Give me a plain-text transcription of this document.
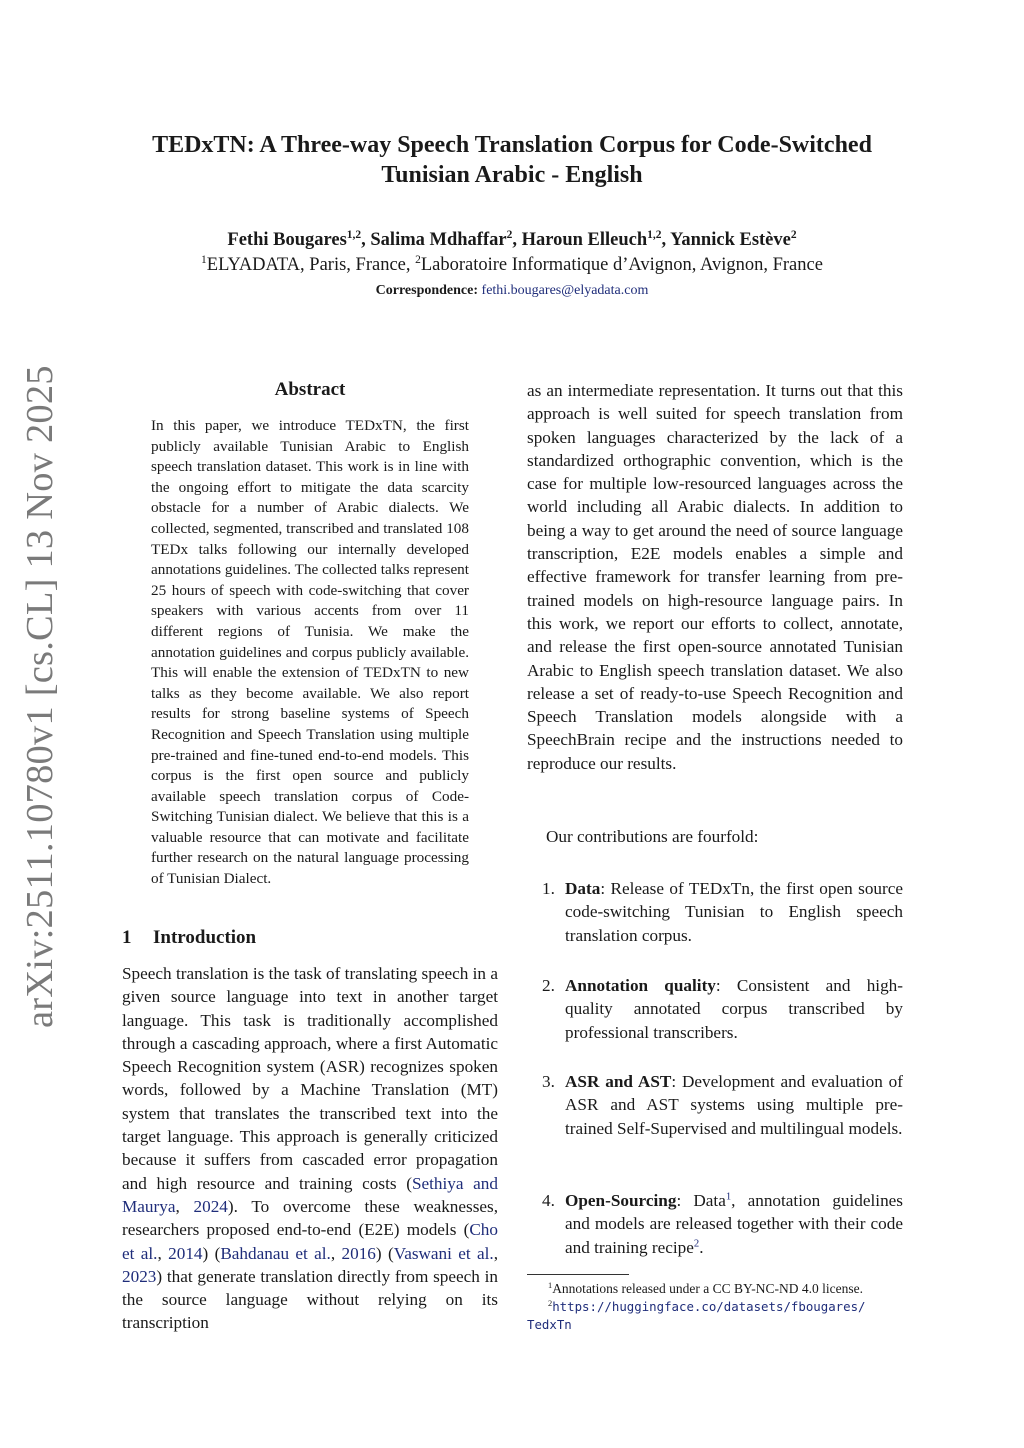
TEDxTN: A Three-way Speech Translation Corpus for Code-Switched
Tunisian Arabic - English
Fethi Bougares$^{1,2}$, Salima Mdhaffar$^2$, Haroun Elleuch$^{1,2}$, Yannick Estève$^2$
$^1$ELYADATA, Paris, France, $^2$Laboratoire Informatique d’Avignon, Avignon, France
Correspondence: fethi.bougares@elyadata.com
arXiv:2511.10780v1 [cs.CL] 13 Nov 2025	Abstract
In this paper, we introduce TEDxTN, the first publicly available Tunisian Arabic to English speech translation dataset. This work is in line with the ongoing effort to mitigate the data scarcity obstacle for a number of Arabic dialects. We collected, segmented, transcribed and translated 108 TEDx talks following our internally developed annotations guidelines. The collected talks represent 25 hours of speech with code-switching that cover speakers with various accents from over 11 different regions of Tunisia. We make the annotation guidelines and corpus publicly available. This will enable the extension of TEDxTN to new talks as they become available. We also report results for strong baseline systems of Speech Recognition and Speech Translation using multiple pre-trained and fine-tuned end-to-end models. This corpus is the first open source and publicly available speech translation corpus of Code-Switching Tunisian dialect. We believe that this is a valuable resource that can motivate and facilitate further research on the natural language processing of Tunisian Dialect.
1 Introduction
Speech translation is the task of translating speech in a given source language into text in another target language. This task is traditionally accomplished through a cascading approach, where a first Automatic Speech Recognition system (ASR) recognizes spoken words, followed by a Machine Translation (MT) system that translates the transcribed text into the target language. This approach is generally criticized because it suffers from cascaded error propagation and high resource and training costs (Sethiya and Maurya, 2024). To overcome these weaknesses, researchers proposed end-to-end (E2E) models (Cho et al., 2014) (Bahdanau et al., 2016) (Vaswani et al., 2023) that generate translation directly from speech in the source language without relying on its transcription
as an intermediate representation. It turns out that this approach is well suited for speech translation from spoken languages characterized by the lack of a standardized orthographic convention, which is the case for multiple low-resourced languages across the world including all Arabic dialects. In addition to being a way to get around the need of source language transcription, E2E models enables a simple and effective framework for transfer learning from pre-trained models on high-resource language pairs. In this work, we report our efforts to collect, annotate, and release the first open-source annotated Tunisian Arabic to English speech translation dataset. We also release a set of ready-to-use Speech Recognition and Speech Translation models alongside with a SpeechBrain recipe and the instructions needed to reproduce our results.
Our contributions are fourfold:
1. Data: Release of TEDxTn, the first open source code-switching Tunisian to English speech translation corpus.
2. Annotation quality: Consistent and high-quality annotated corpus transcribed by professional transcribers.
3. ASR and AST: Development and evaluation of ASR and AST systems using multiple pre-trained Self-Supervised and multilingual models.
4. Open-Sourcing: Data$^1$, annotation guidelines and models are released together with their code and training recipe$^2$.
$^1$Annotations released under a CC BY-NC-ND 4.0 license.
$^2$https://huggingface.co/datasets/fbougares/
TedxTn
